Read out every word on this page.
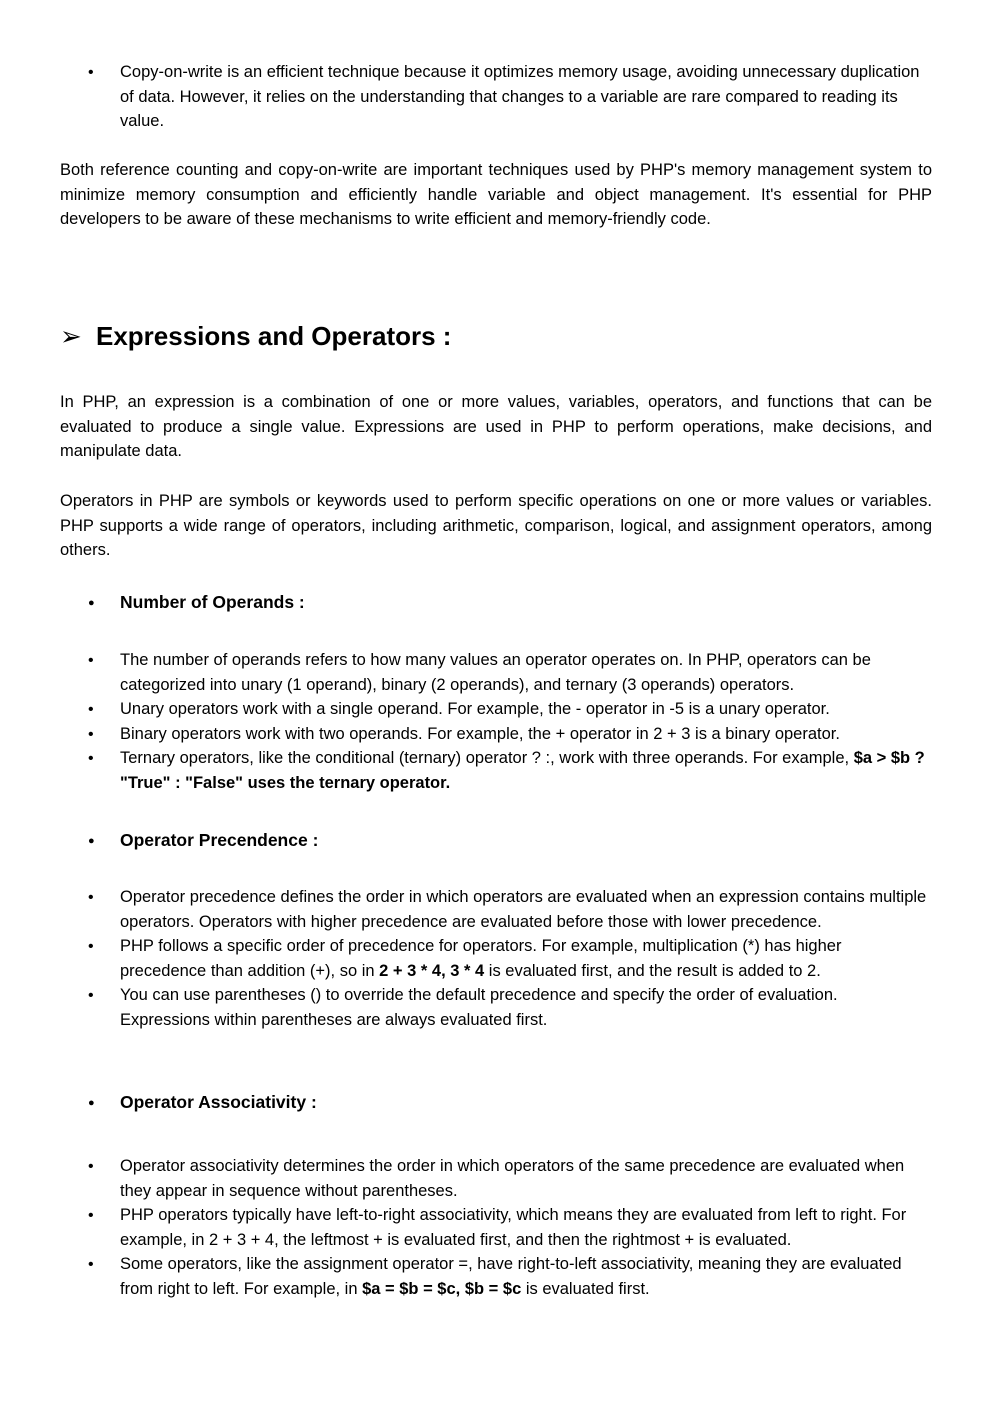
•
Copy-on-write is an efficient technique because it optimizes memory usage, avoiding unnecessary duplication of data. However, it relies on the understanding that changes to a variable are rare compared to reading its value.

Both reference counting and copy-on-write are important techniques used by PHP's memory management system to minimize memory consumption and efficiently handle variable and object management. It's essential for PHP developers to be aware of these mechanisms to write efficient and memory-friendly code.

➢ Expressions and Operators :

In PHP, an expression is a combination of one or more values, variables, operators, and functions that can be evaluated to produce a single value. Expressions are used in PHP to perform operations, make decisions, and manipulate data.

Operators in PHP are symbols or keywords used to perform specific operations on one or more values or variables. PHP supports a wide range of operators, including arithmetic, comparison, logical, and assignment operators, among others.

●
Number of Operands :

•
The number of operands refers to how many values an operator operates on. In PHP, operators can be categorized into unary (1 operand), binary (2 operands), and ternary (3 operands) operators.

•
Unary operators work with a single operand. For example, the - operator in -5 is a unary operator.

•
Binary operators work with two operands. For example, the + operator in 2 + 3 is a binary operator.

•
Ternary operators, like the conditional (ternary) operator ? :, work with three operands. For example, $a > $b ? "True" : "False" uses the ternary operator.

●
Operator Precendence :

•
Operator precedence defines the order in which operators are evaluated when an expression contains multiple operators. Operators with higher precedence are evaluated before those with lower precedence.

•
PHP follows a specific order of precedence for operators. For example, multiplication (*) has higher precedence than addition (+), so in 2 + 3 * 4, 3 * 4 is evaluated first, and the result is added to 2.

•
You can use parentheses () to override the default precedence and specify the order of evaluation. Expressions within parentheses are always evaluated first.

●
Operator Associativity :

•
Operator associativity determines the order in which operators of the same precedence are evaluated when they appear in sequence without parentheses.

•
PHP operators typically have left-to-right associativity, which means they are evaluated from left to right. For example, in 2 + 3 + 4, the leftmost + is evaluated first, and then the rightmost + is evaluated.

•
Some operators, like the assignment operator =, have right-to-left associativity, meaning they are evaluated from right to left. For example, in $a = $b = $c, $b = $c is evaluated first.
